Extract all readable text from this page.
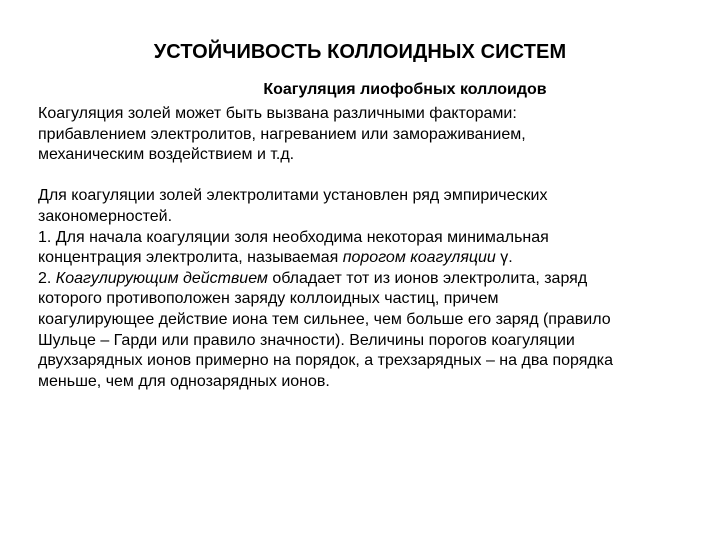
УСТОЙЧИВОСТЬ КОЛЛОИДНЫХ СИСТЕМ
Коагуляция лиофобных коллоидов

Коагуляция золей может быть вызвана различными факторами:

прибавлением электролитов, нагреванием или замораживанием,

механическим воздействием и т.д.

Для коагуляции золей электролитами установлен ряд эмпирических

закономерностей.

1. Для начала коагуляции золя необходима некоторая минимальная

концентрация электролита, называемая порогом коагуляции γ.

2. Коагулирующим действием обладает тот из ионов электролита, заряд

которого противоположен заряду коллоидных частиц, причем

коагулирующее действие иона тем сильнее, чем больше его заряд (правило

Шульце – Гарди или правило значности). Величины порогов коагуляции

двухзарядных ионов примерно на порядок, а трехзарядных – на два порядка

меньше, чем для однозарядных ионов.
